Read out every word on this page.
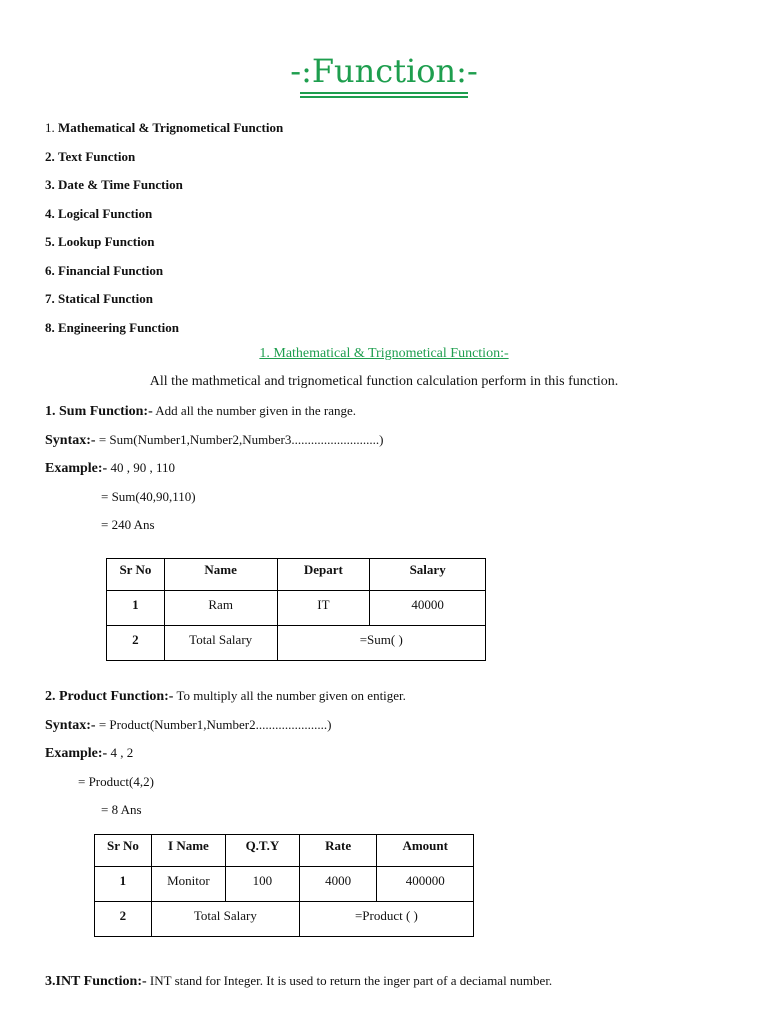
-:Function:-
1. Mathematical & Trignometical Function
2. Text Function
3. Date & Time Function
4. Logical Function
5. Lookup Function
6. Financial Function
7. Statical Function
8. Engineering Function
1. Mathematical & Trignometical Function:-
All the mathmetical and trignometical function calculation perform in this function.
1. Sum Function:- Add all the number given in the range.
Syntax:- = Sum(Number1,Number2,Number3...........................)
Example:- 40 , 90 , 110
= Sum(40,90,110)
= 240 Ans
Sr No	Name	Depart	Salary
1	Ram	IT	40000
2	Total Salary	=Sum( )	
2. Product Function:- To multiply all the number given on entiger.
Syntax:- = Product(Number1,Number2......................)
Example:- 4 , 2
= Product(4,2)
= 8 Ans
Sr No	I Name	Q.T.Y	Rate	Amount
1	Monitor	100	4000	400000
2	Total Salary		=Product ( )	
3.INT Function:- INT stand for Integer. It is used to return the inger part of a deciamal number.
